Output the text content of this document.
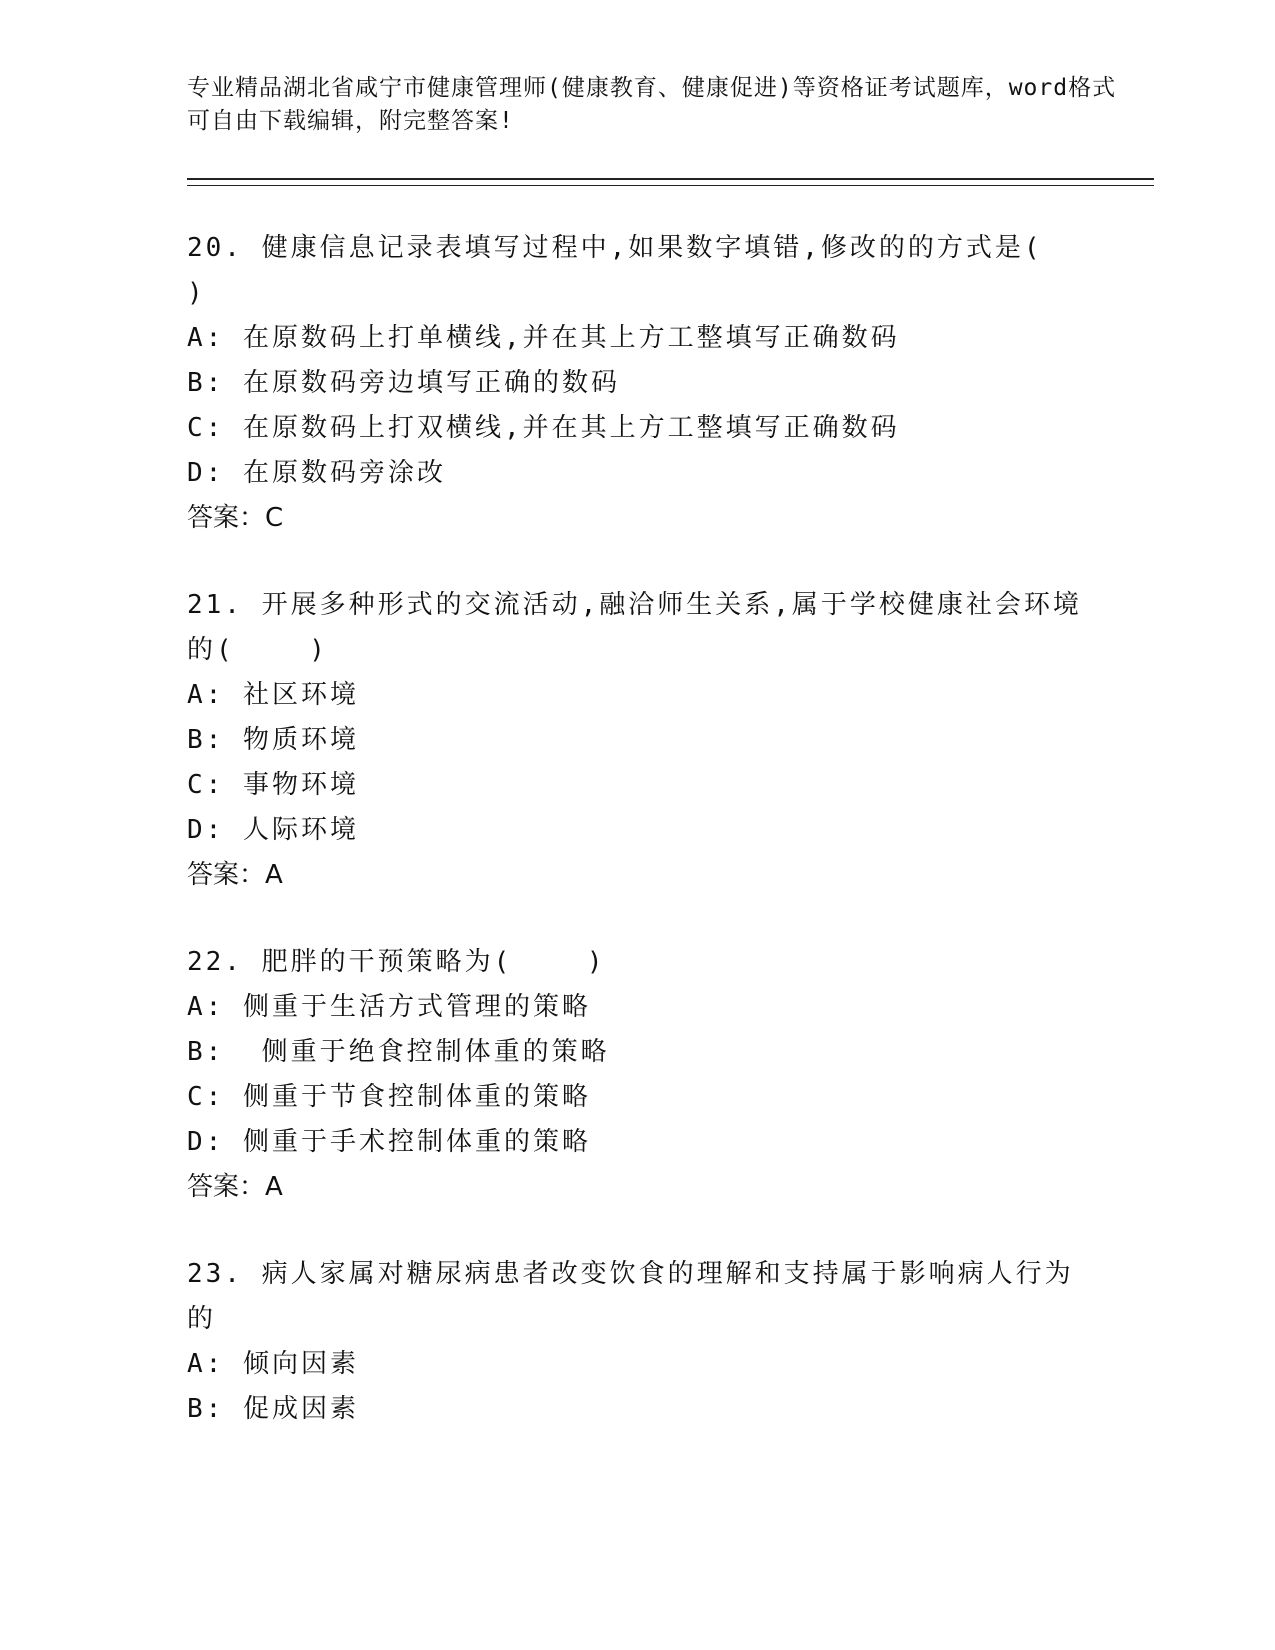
专业精品湖北省咸宁市健康管理师(健康教育、健康促进)等资格证考试题库，word格式可自由下载编辑，附完整答案!
20. 健康信息记录表填写过程中,如果数字填错,修改的的方式是(
)
A:
在原数码上打单横线,并在其上方工整填写正确数码
B:
在原数码旁边填写正确的数码
C:
在原数码上打双横线,并在其上方工整填写正确数码
D:
在原数码旁涂改
答案：C
21. 开展多种形式的交流活动,融洽师生关系,属于学校健康社会环境的(    )
A:
社区环境
B:
物质环境
C:
事物环境
D:
人际环境
答案：A
22. 肥胖的干预策略为(    )
A:
侧重于生活方式管理的策略
B:
侧重于绝食控制体重的策略
C:
侧重于节食控制体重的策略
D:
侧重于手术控制体重的策略
答案：A
23. 病人家属对糖尿病患者改变饮食的理解和支持属于影响病人行为的
A:
倾向因素
B:
促成因素
